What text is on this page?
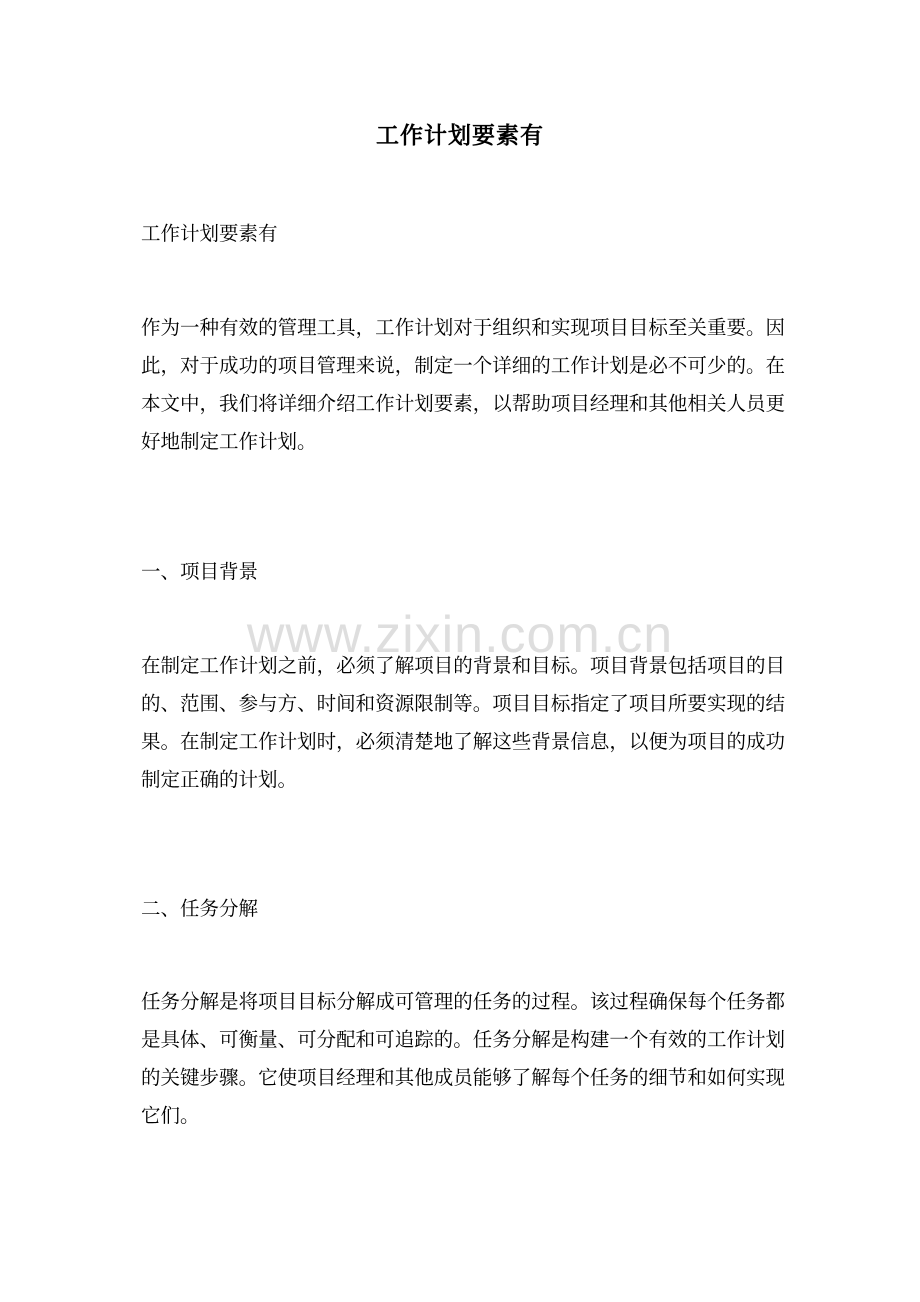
工作计划要素有

工作计划要素有

作为一种有效的管理工具，工作计划对于组织和实现项目目标至关重要。因此，对于成功的项目管理来说，制定一个详细的工作计划是必不可少的。在本文中，我们将详细介绍工作计划要素，以帮助项目经理和其他相关人员更好地制定工作计划。

一、项目背景

www.zixin.com.cn

在制定工作计划之前，必须了解项目的背景和目标。项目背景包括项目的目的、范围、参与方、时间和资源限制等。项目目标指定了项目所要实现的结果。在制定工作计划时，必须清楚地了解这些背景信息，以便为项目的成功制定正确的计划。

二、任务分解

任务分解是将项目目标分解成可管理的任务的过程。该过程确保每个任务都是具体、可衡量、可分配和可追踪的。任务分解是构建一个有效的工作计划的关键步骤。它使项目经理和其他成员能够了解每个任务的细节和如何实现它们。
